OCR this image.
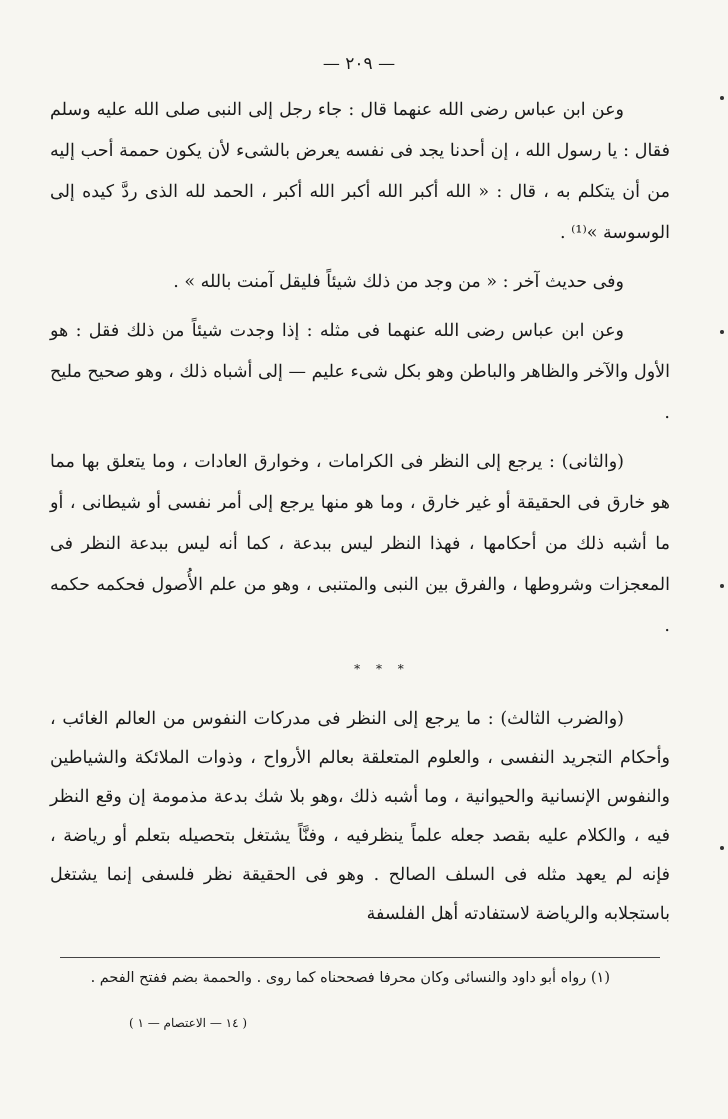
— ٢٠٩ —

وعن ابن عباس رضى الله عنهما قال : جاء رجل إلى النبى صلى الله عليه وسلم فقال : يا رسول الله ، إن أحدنا يجد فى نفسه يعرض بالشىء لأن يكون حممة أحب إليه من أن يتكلم به ، قال : « الله أكبر الله أكبر الله أكبر ، الحمد لله الذى ردَّ كيده إلى الوسوسة »⁽¹⁾ .

وفى حديث آخر : « من وجد من ذلك شيئاً فليقل آمنت بالله » .

وعن ابن عباس رضى الله عنهما فى مثله : إذا وجدت شيئاً من ذلك فقل : هو الأول والآخر والظاهر والباطن وهو بكل شىء عليم — إلى أشباه ذلك ، وهو صحيح مليح .

(والثانى) : يرجع إلى النظر فى الكرامات ، وخوارق العادات ، وما يتعلق بها مما هو خارق فى الحقيقة أو غير خارق ، وما هو منها يرجع إلى أمر نفسى أو شيطانى ، أو ما أشبه ذلك من أحكامها ، فهذا النظر ليس ببدعة ، كما أنه ليس ببدعة النظر فى المعجزات وشروطها ، والفرق بين النبى والمتنبى ، وهو من علم الأُصول فحكمه حكمه .

* * *

(والضرب الثالث) : ما يرجع إلى النظر فى مدركات النفوس من العالم الغائب ، وأحكام التجريد النفسى ، والعلوم المتعلقة بعالم الأرواح ، وذوات الملائكة والشياطين والنفوس الإنسانية والحيوانية ، وما أشبه ذلك ،وهو بلا شك بدعة مذمومة إن وقع النظر فيه ، والكلام عليه بقصد جعله علماً ينظرفيه ، وفنَّاً يشتغل بتحصيله بتعلم أو رياضة ، فإنه لم يعهد مثله فى السلف الصالح . وهو فى الحقيقة نظر فلسفى إنما يشتغل باستجلابه والرياضة لاستفادته أهل الفلسفة

(١) رواه أبو داود والنسائى وكان محرفا فصححناه كما روى . والحممة بضم ففتح الفحم .

( ١٤ — الاعتصام — ١ )
